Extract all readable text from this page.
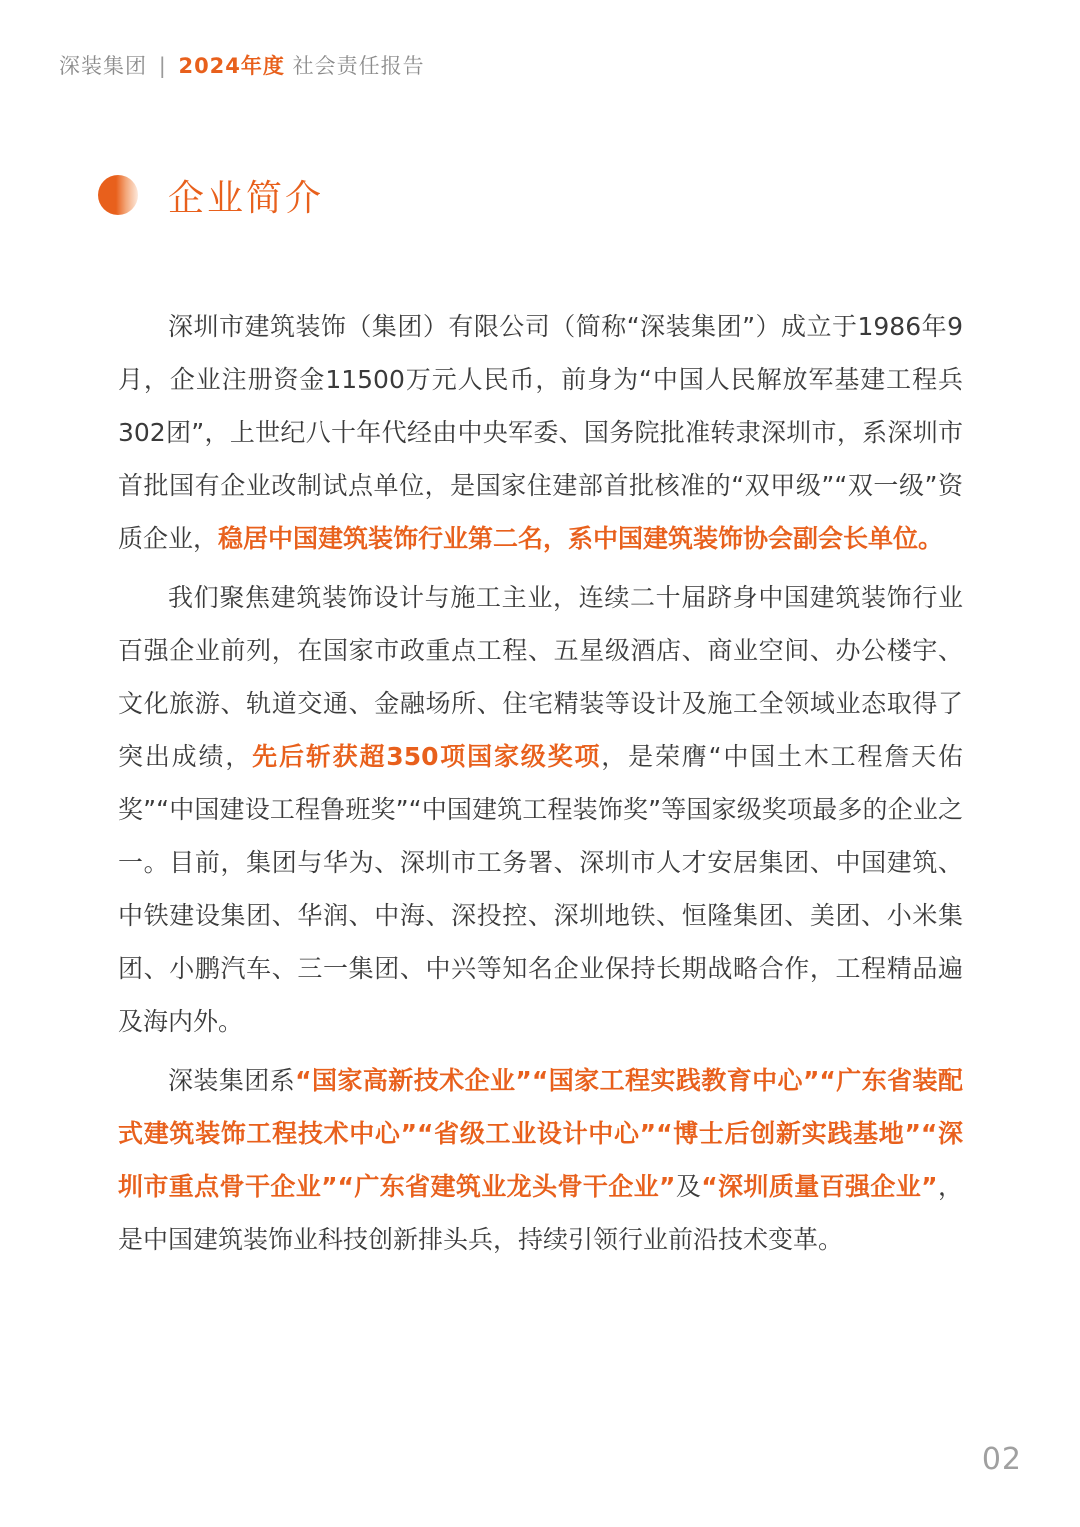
深装集团 | 2024年度 社会责任报告
企业简介

深圳市建筑装饰（集团）有限公司（简称“深装集团”）成立于1986年9月，企业注册资金11500万元人民币，前身为“中国人民解放军基建工程兵302团”，上世纪八十年代经由中央军委、国务院批准转隶深圳市，系深圳市首批国有企业改制试点单位，是国家住建部首批核准的“双甲级”“双一级”资质企业，稳居中国建筑装饰行业第二名，系中国建筑装饰协会副会长单位。

我们聚焦建筑装饰设计与施工主业，连续二十届跻身中国建筑装饰行业百强企业前列，在国家市政重点工程、五星级酒店、商业空间、办公楼宇、文化旅游、轨道交通、金融场所、住宅精装等设计及施工全领域业态取得了突出成绩，先后斩获超350项国家级奖项，是荣膺“中国土木工程詹天佑奖”“中国建设工程鲁班奖”“中国建筑工程装饰奖”等国家级奖项最多的企业之一。目前，集团与华为、深圳市工务署、深圳市人才安居集团、中国建筑、中铁建设集团、华润、中海、深投控、深圳地铁、恒隆集团、美团、小米集团、小鹏汽车、三一集团、中兴等知名企业保持长期战略合作，工程精品遍及海内外。

深装集团系“国家高新技术企业”“国家工程实践教育中心”“广东省装配式建筑装饰工程技术中心”“省级工业设计中心”“博士后创新实践基地”“深圳市重点骨干企业”“广东省建筑业龙头骨干企业”及“深圳质量百强企业”，是中国建筑装饰业科技创新排头兵，持续引领行业前沿技术变革。

02
